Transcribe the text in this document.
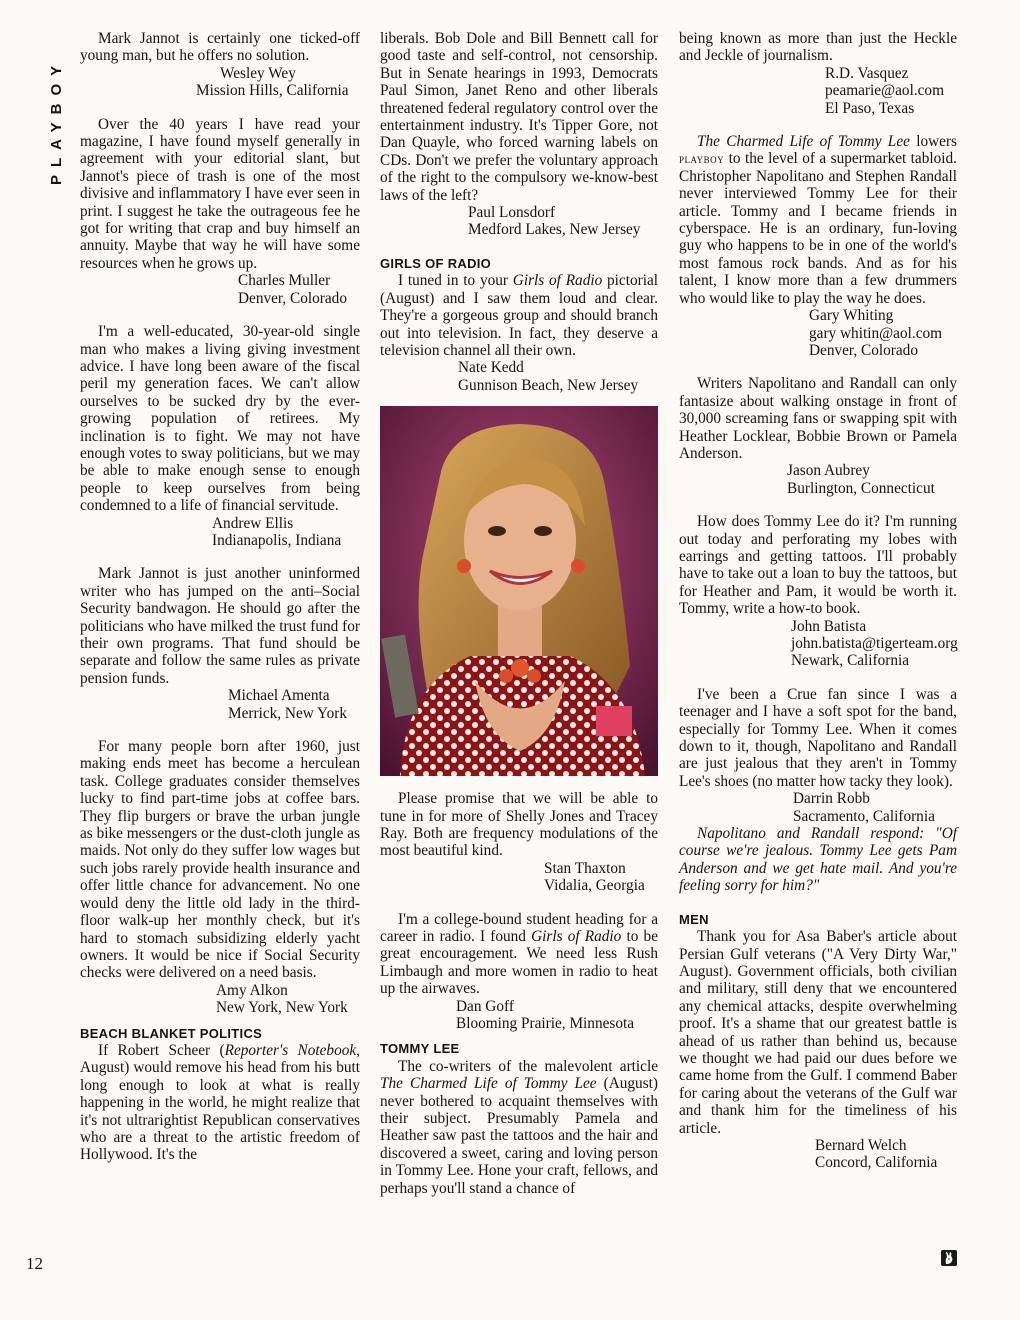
PLAYBOY
12

Mark Jannot is certainly one ticked-off young man, but he offers no solution.

Wesley Wey
Mission Hills, California

Over the 40 years I have read your magazine, I have found myself generally in agreement with your editorial slant, but Jannot's piece of trash is one of the most divisive and inflammatory I have ever seen in print. I suggest he take the outrageous fee he got for writing that crap and buy himself an annuity. Maybe that way he will have some resources when he grows up.

Charles Muller
Denver, Colorado

I'm a well-educated, 30-year-old single man who makes a living giving investment advice. I have long been aware of the fiscal peril my generation faces. We can't allow ourselves to be sucked dry by the ever-growing population of retirees. My inclination is to fight. We may not have enough votes to sway politicians, but we may be able to make enough sense to enough people to keep ourselves from being condemned to a life of financial servitude.

Andrew Ellis
Indianapolis, Indiana

Mark Jannot is just another uninformed writer who has jumped on the anti–Social Security bandwagon. He should go after the politicians who have milked the trust fund for their own programs. That fund should be separate and follow the same rules as private pension funds.

Michael Amenta
Merrick, New York

For many people born after 1960, just making ends meet has become a herculean task. College graduates consider themselves lucky to find part-time jobs at coffee bars. They flip burgers or brave the urban jungle as bike messengers or the dust-cloth jungle as maids. Not only do they suffer low wages but such jobs rarely provide health insurance and offer little chance for advancement. No one would deny the little old lady in the third-floor walk-up her monthly check, but it's hard to stomach subsidizing elderly yacht owners. It would be nice if Social Security checks were delivered on a need basis.

Amy Alkon
New York, New York
BEACH BLANKET POLITICS

If Robert Scheer (Reporter's Notebook, August) would remove his head from his butt long enough to look at what is really happening in the world, he might realize that it's not ultrarightist Republican conservatives who are a threat to the artistic freedom of Hollywood. It's the

liberals. Bob Dole and Bill Bennett call for good taste and self-control, not censorship. But in Senate hearings in 1993, Democrats Paul Simon, Janet Reno and other liberals threatened federal regulatory control over the entertainment industry. It's Tipper Gore, not Dan Quayle, who forced warning labels on CDs. Don't we prefer the voluntary approach of the right to the compulsory we-know-best laws of the left?

Paul Lonsdorf
Medford Lakes, New Jersey
GIRLS OF RADIO

I tuned in to your Girls of Radio pictorial (August) and I saw them loud and clear. They're a gorgeous group and should branch out into television. In fact, they deserve a television channel all their own.

Nate Kedd
Gunnison Beach, New Jersey

Please promise that we will be able to tune in for more of Shelly Jones and Tracey Ray. Both are frequency modulations of the most beautiful kind.

Stan Thaxton
Vidalia, Georgia

I'm a college-bound student heading for a career in radio. I found Girls of Radio to be great encouragement. We need less Rush Limbaugh and more women in radio to heat up the airwaves.

Dan Goff
Blooming Prairie, Minnesota
TOMMY LEE

The co-writers of the malevolent article The Charmed Life of Tommy Lee (August) never bothered to acquaint themselves with their subject. Presumably Pamela and Heather saw past the tattoos and the hair and discovered a sweet, caring and loving person in Tommy Lee. Hone your craft, fellows, and perhaps you'll stand a chance of

being known as more than just the Heckle and Jeckle of journalism.

R.D. Vasquez
peamarie@aol.com
El Paso, Texas

The Charmed Life of Tommy Lee lowers playboy to the level of a supermarket tabloid. Christopher Napolitano and Stephen Randall never interviewed Tommy Lee for their article. Tommy and I became friends in cyberspace. He is an ordinary, fun-loving guy who happens to be in one of the world's most famous rock bands. And as for his talent, I know more than a few drummers who would like to play the way he does.

Gary Whiting
gary whitin@aol.com
Denver, Colorado

Writers Napolitano and Randall can only fantasize about walking onstage in front of 30,000 screaming fans or swapping spit with Heather Locklear, Bobbie Brown or Pamela Anderson.

Jason Aubrey
Burlington, Connecticut

How does Tommy Lee do it? I'm running out today and perforating my lobes with earrings and getting tattoos. I'll probably have to take out a loan to buy the tattoos, but for Heather and Pam, it would be worth it. Tommy, write a how-to book.

John Batista
john.batista@tigerteam.org
Newark, California

I've been a Crue fan since I was a teenager and I have a soft spot for the band, especially for Tommy Lee. When it comes down to it, though, Napolitano and Randall are just jealous that they aren't in Tommy Lee's shoes (no matter how tacky they look).

Darrin Robb
Sacramento, California

Napolitano and Randall respond: "Of course we're jealous. Tommy Lee gets Pam Anderson and we get hate mail. And you're feeling sorry for him?"

MEN

Thank you for Asa Baber's article about Persian Gulf veterans ("A Very Dirty War," August). Government officials, both civilian and military, still deny that we encountered any chemical attacks, despite overwhelming proof. It's a shame that our greatest battle is ahead of us rather than behind us, because we thought we had paid our dues before we came home from the Gulf. I commend Baber for caring about the veterans of the Gulf war and thank him for the timeliness of his article.

Bernard Welch
Concord, California
